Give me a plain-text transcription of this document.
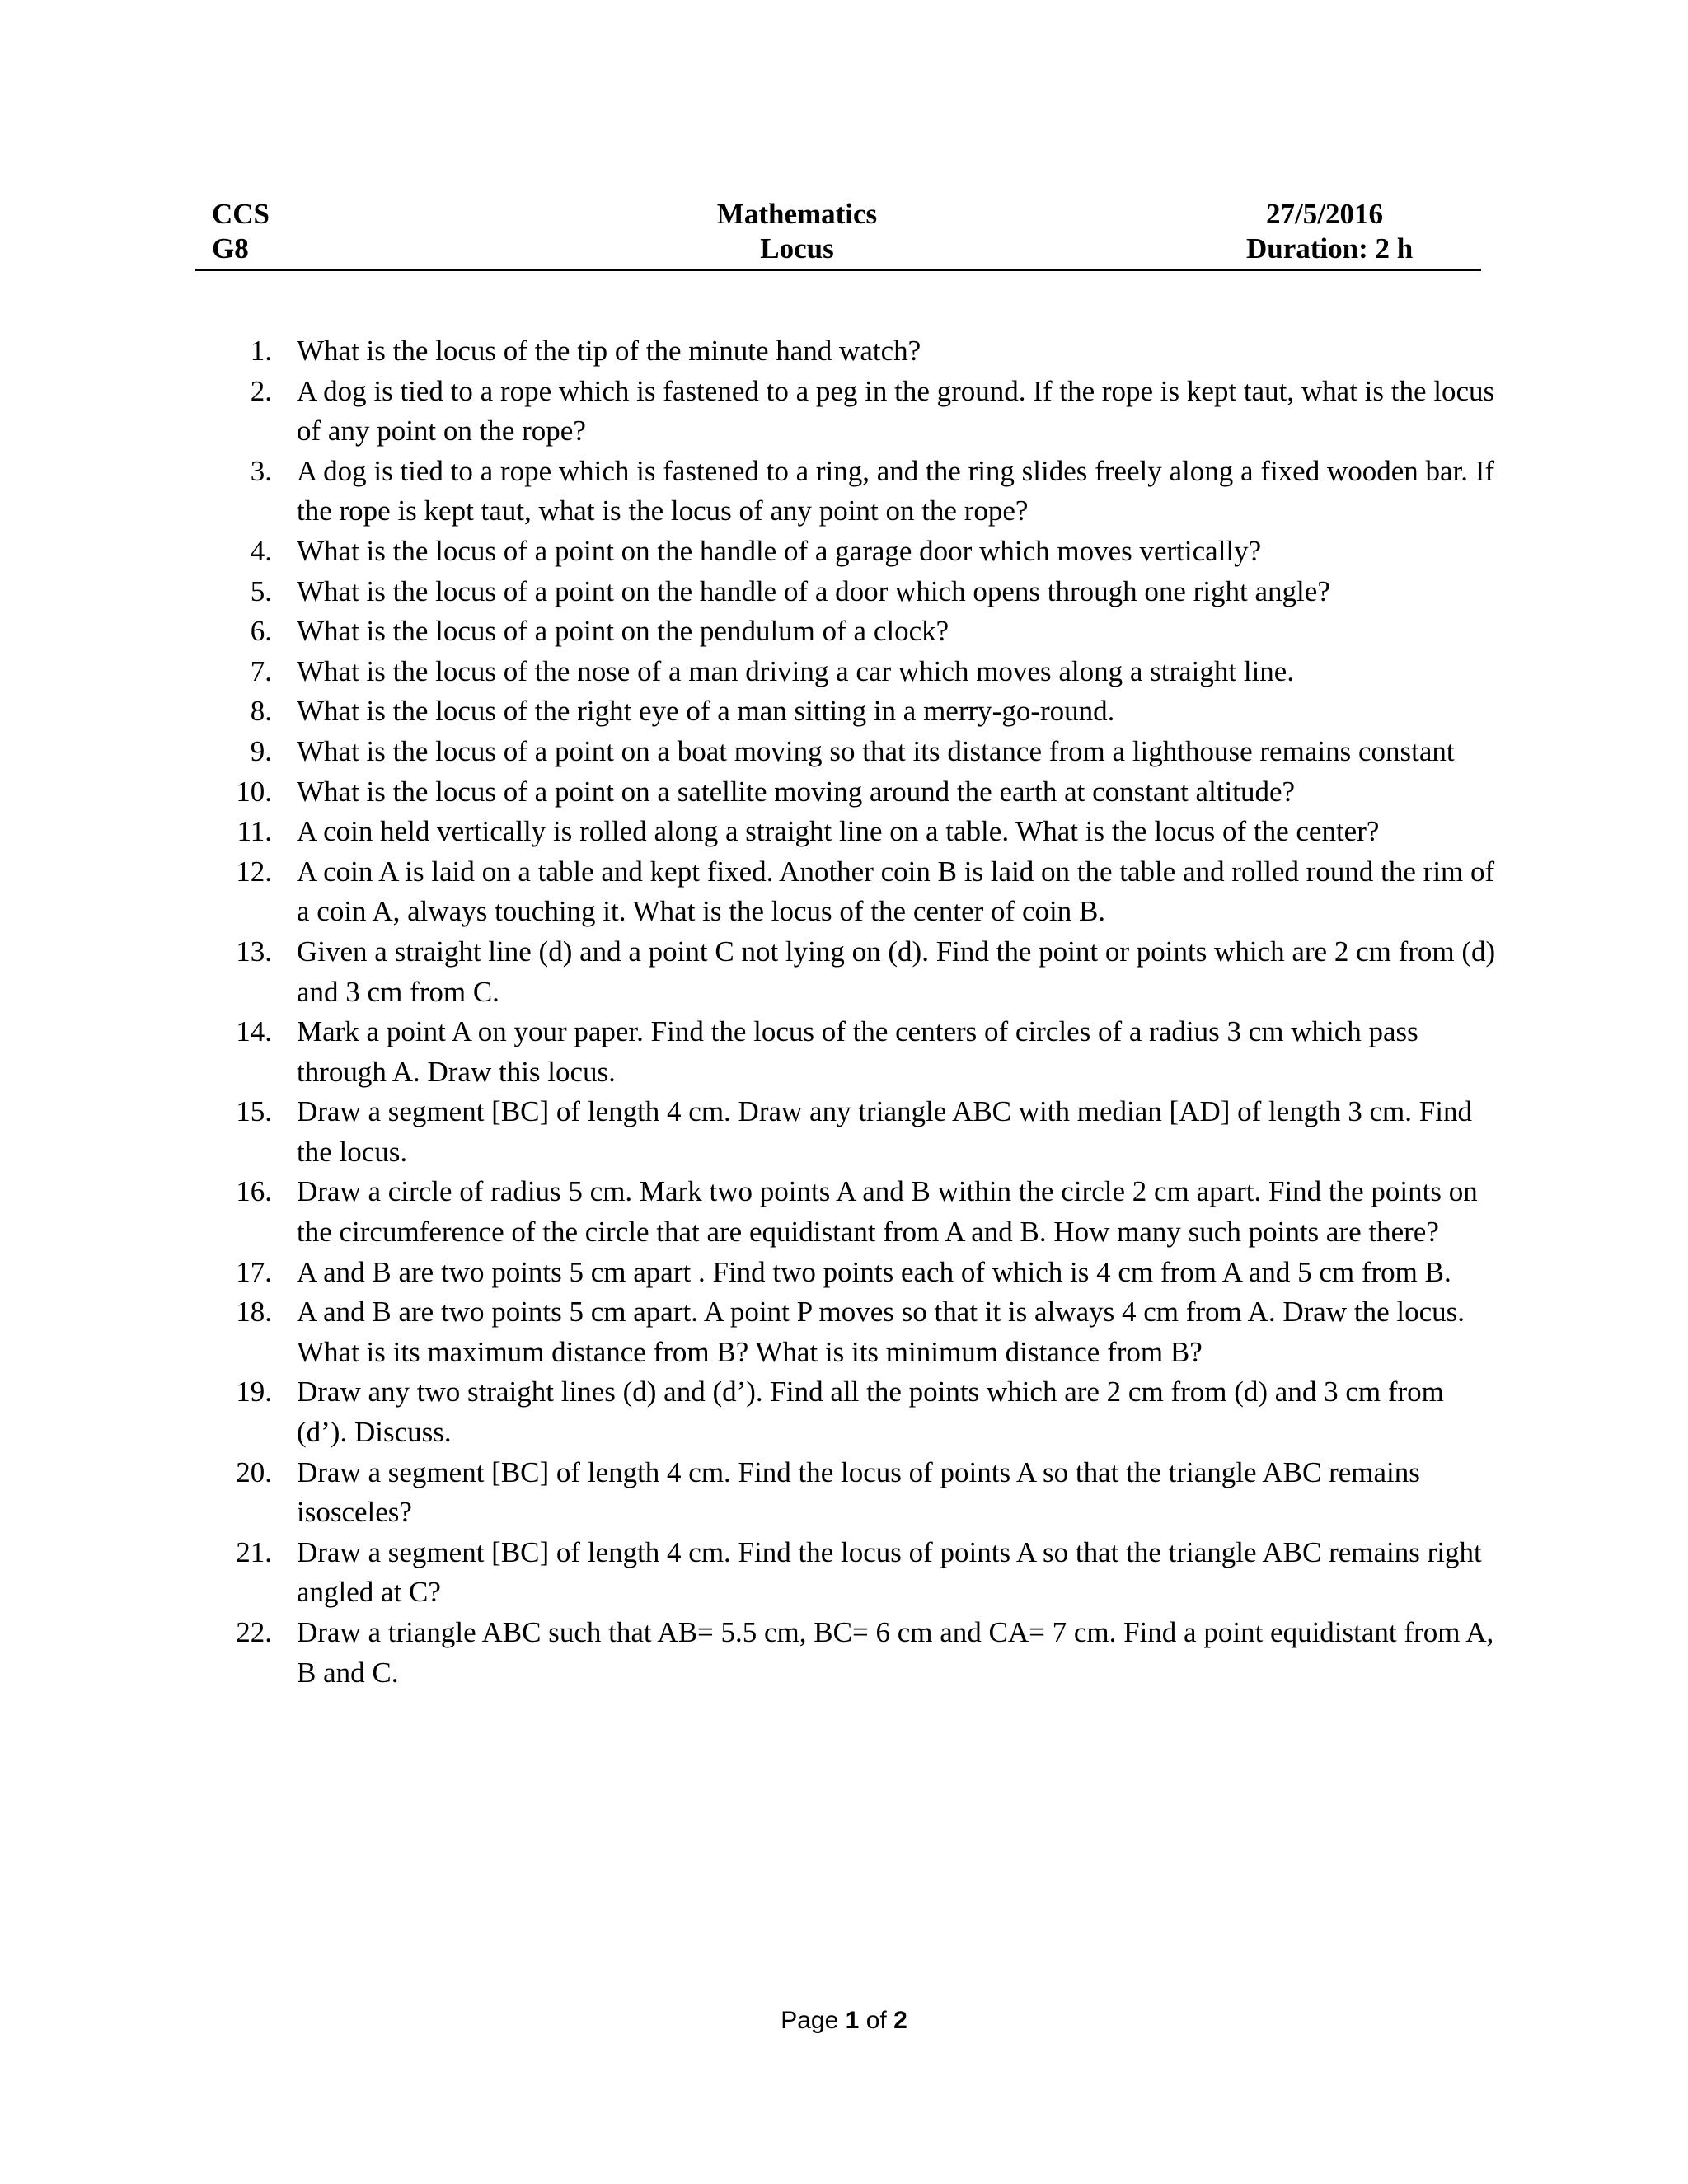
CCS	Mathematics	27/5/2016
G8	Locus	Duration: 2 h
1. What is the locus of the tip of the minute hand watch?
2. A dog is tied to a rope which is fastened to a peg in the ground. If the rope is kept taut, what is the locus of any point on the rope?
3. A dog is tied to a rope which is fastened to a ring, and the ring slides freely along a fixed wooden bar. If the rope is kept taut, what is the locus of any point on the rope?
4. What is the locus of a point on the handle of a garage door which moves vertically?
5. What is the locus of a point on the handle of a door which opens through one right angle?
6. What is the locus of a point on the pendulum of a clock?
7. What is the locus of the nose of a man driving a car which moves along a straight line.
8. What is the locus of the right eye of a man sitting in a merry-go-round.
9. What is the locus of a point on a boat moving so that its distance from a lighthouse remains constant
10. What is the locus of a point on a satellite moving around the earth at constant altitude?
11. A coin held vertically is rolled along a straight line on a table. What is the locus of the center?
12. A coin A is laid on a table and kept fixed. Another coin B is laid on the table and rolled round the rim of a coin A, always touching it. What is the locus of the center of coin B.
13. Given a straight line (d) and a point C not lying on (d). Find the point or points which are 2 cm from (d) and 3 cm from C.
14. Mark a point A on your paper. Find the locus of the centers of circles of a radius 3 cm which pass through A. Draw this locus.
15. Draw a segment [BC] of length 4 cm. Draw any triangle ABC with median [AD] of length 3 cm. Find the locus.
16. Draw a circle of radius 5 cm. Mark two points A and B within the circle 2 cm apart. Find the points on the circumference of the circle that are equidistant from A and B. How many such points are there?
17. A and B are two points 5 cm apart . Find two points each of which is 4 cm from A and 5 cm from B.
18. A and B are two points 5 cm apart. A point P moves so that it is always 4 cm from A. Draw the locus. What is its maximum distance from B? What is its minimum distance from B?
19. Draw any two straight lines (d) and (d’). Find all the points which are 2 cm from (d) and 3 cm from (d’). Discuss.
20. Draw a segment [BC] of length 4 cm. Find the locus of points A so that the triangle ABC remains isosceles?
21. Draw a segment [BC] of length 4 cm. Find the locus of points A so that the triangle ABC remains right angled at C?
22. Draw a triangle ABC such that AB= 5.5 cm, BC= 6 cm and CA= 7 cm. Find a point equidistant from A, B and C.
Page 1 of 2
